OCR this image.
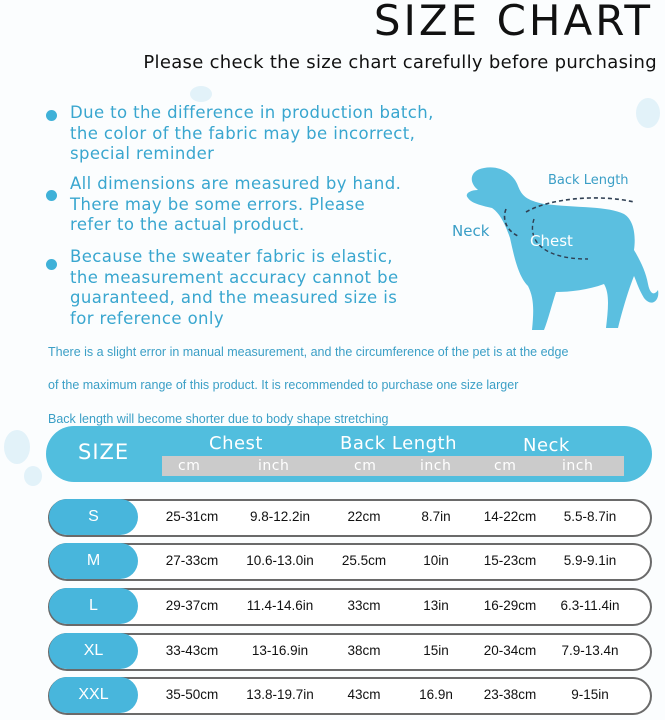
SIZE CHART
Please check the size chart carefully before purchasing
Due to the difference in production batch,
the color of the fabric may be incorrect,
special reminder
All dimensions are measured by hand.
There may be some errors. Please
refer to the actual product.
Because the sweater fabric is elastic,
the measurement accuracy cannot be
guaranteed, and the measured size is
for reference only
Back Length
Neck
Chest
There is a slight error in manual measurement, and the circumference of the pet is at the edge
of the maximum range of this product. It is recommended to purchase one size larger
Back length will become shorter due to body shape stretching
SIZE	Chest	Back Length	Neck
cm	inch	cm	inch	cm	inch
S	25-31cm 9.8-12.2in	22cm	8.7in 14-22cm 5.5-8.7in
M	27-33cm 10.6-13.0in 25.5cm	10in	15-23cm 5.9-9.1in
L	29-37cm 11.4-14.6in	33cm	13in	16-29cm 6.3-11.4in
XL	33-43cm 13-16.9in	38cm	15in	20-34cm 7.9-13.4n
XXL	35-50cm 13.8-19.7in 43cm	16.9n 23-38cm	9-15in
